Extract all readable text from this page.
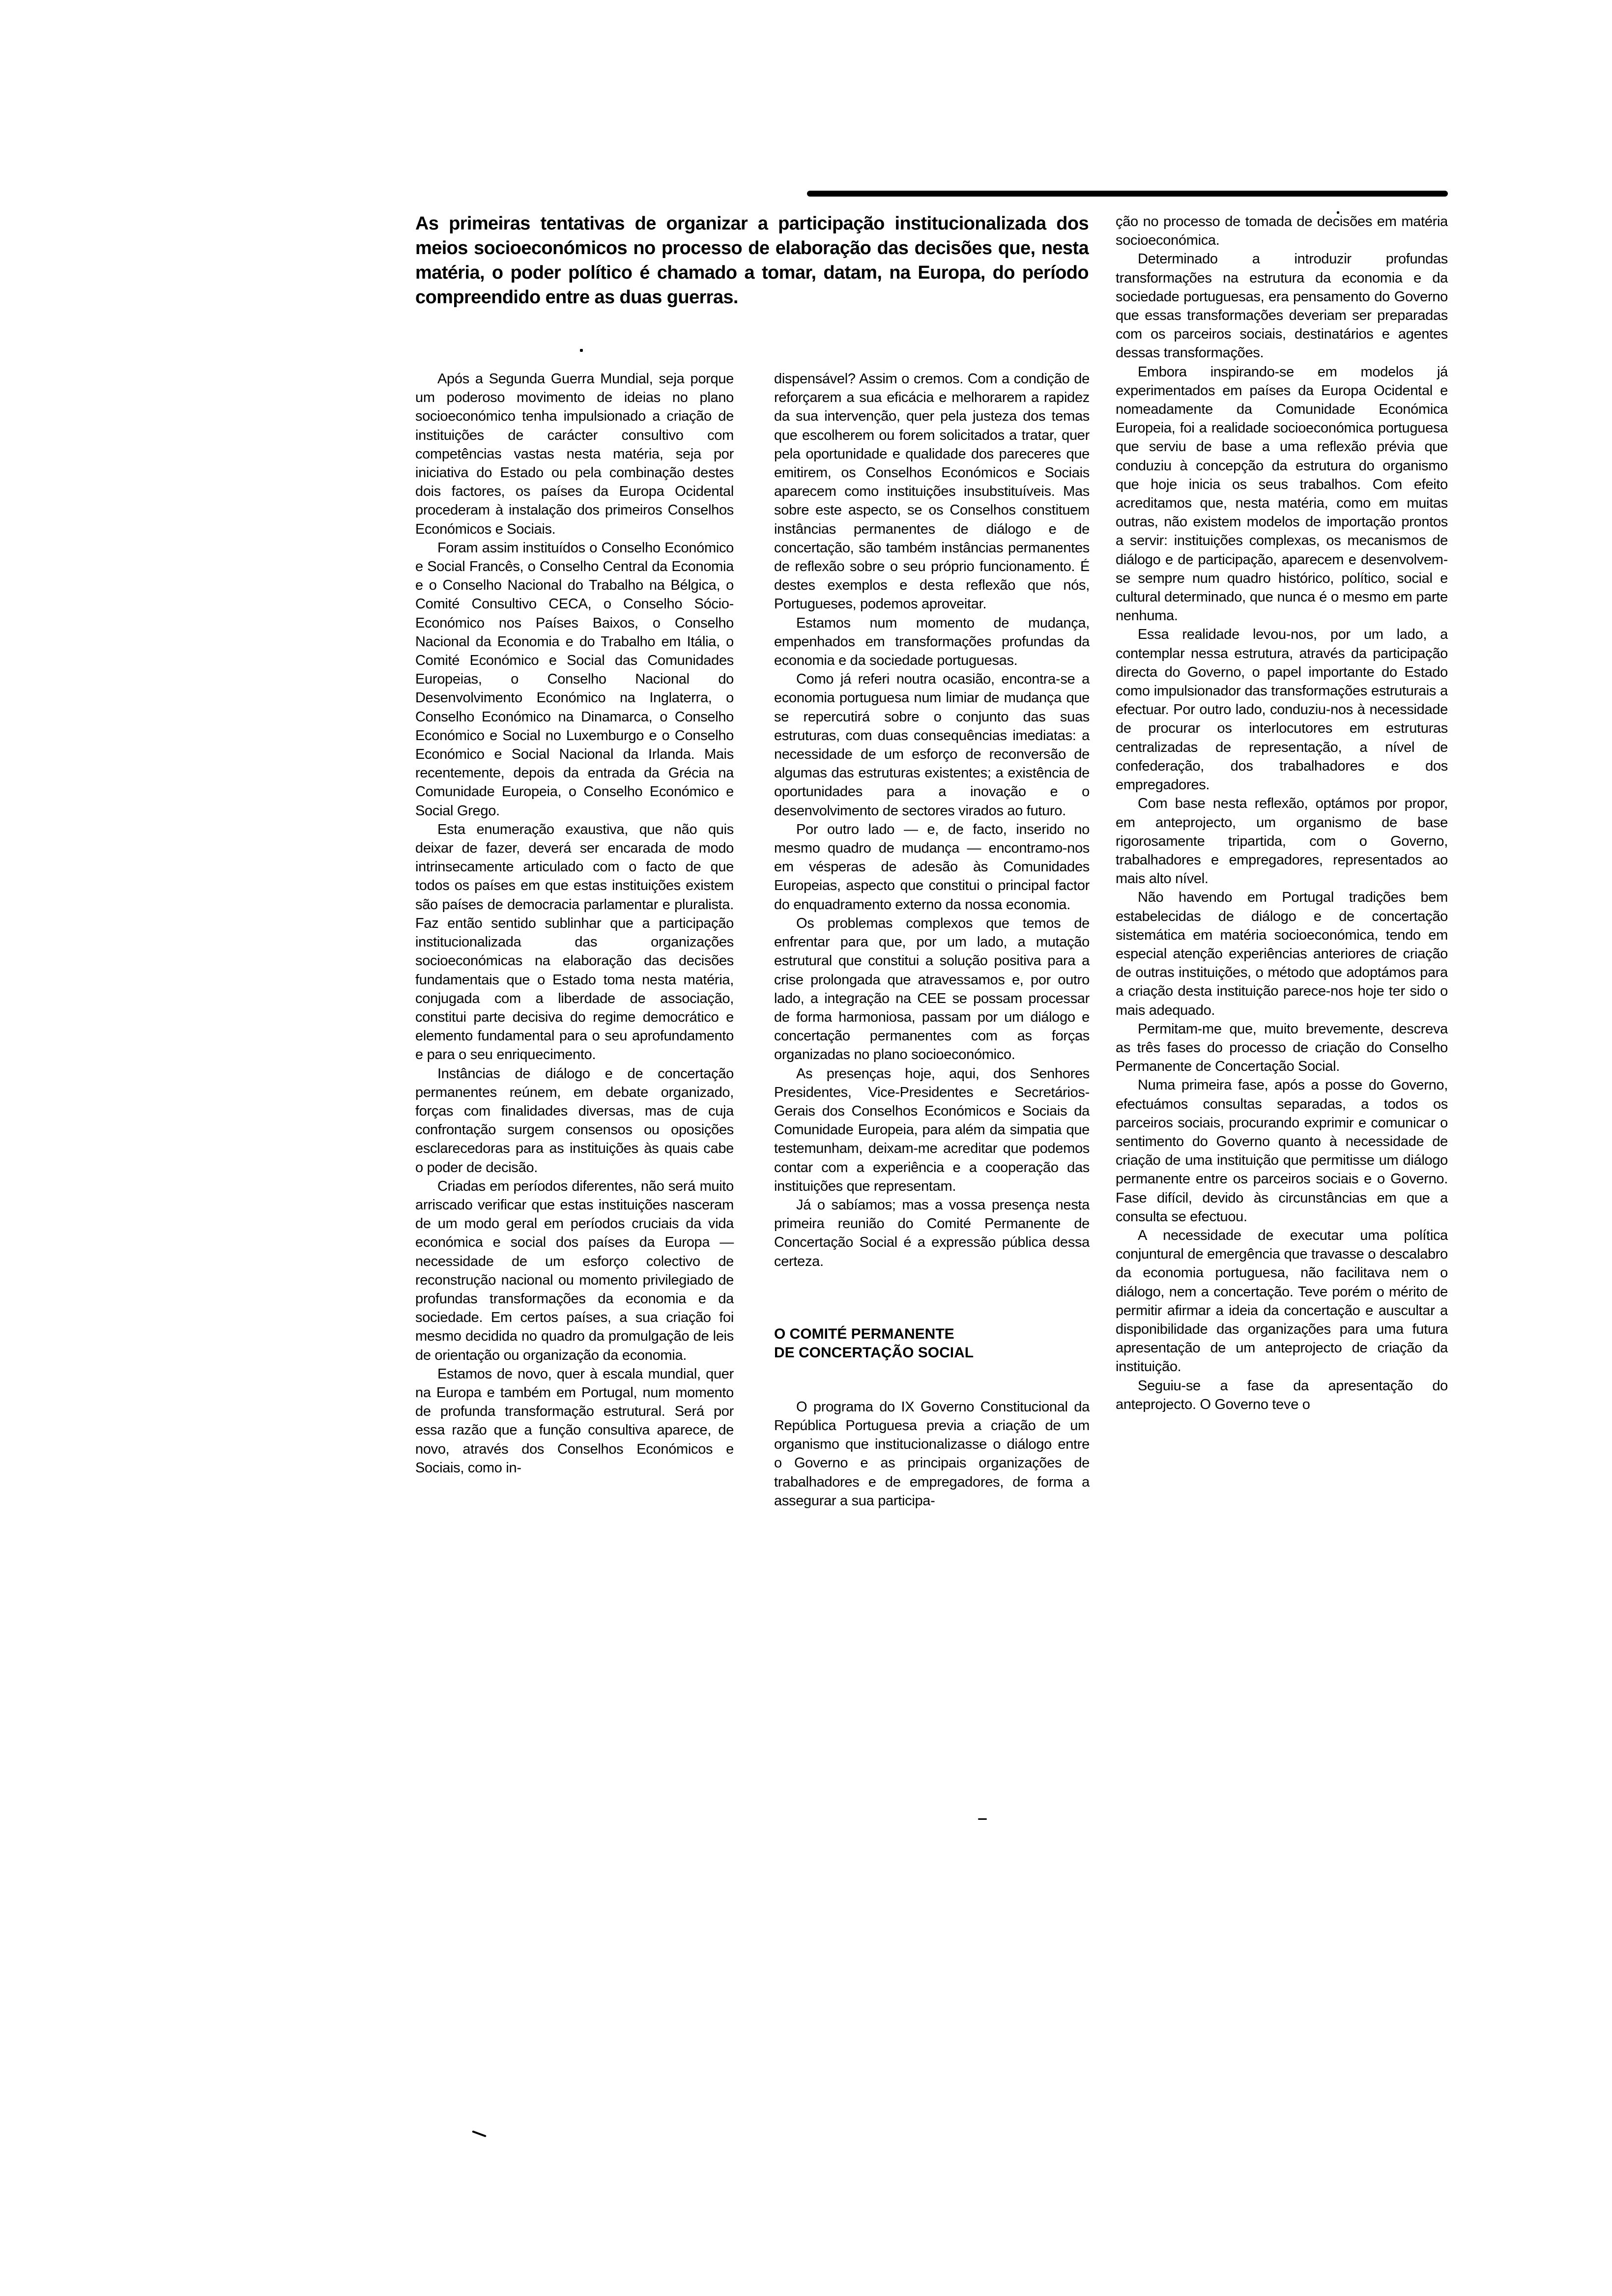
As primeiras tentativas de organizar a participação institucionalizada dos meios socioeconómicos no processo de elaboração das decisões que, nesta matéria, o poder político é chamado a tomar, datam, na Europa, do período compreendido entre as duas guerras.

Após a Segunda Guerra Mundial, seja porque um poderoso movimento de ideias no plano socioeconómico tenha impulsionado a criação de instituições de carácter consultivo com competências vastas nesta matéria, seja por iniciativa do Estado ou pela combinação destes dois factores, os países da Europa Ocidental procederam à instalação dos primeiros Conselhos Económicos e Sociais.

Foram assim instituídos o Conselho Económico e Social Francês, o Conselho Central da Economia e o Conselho Nacional do Trabalho na Bélgica, o Comité Consultivo CECA, o Conselho Sócio-Económico nos Países Baixos, o Conselho Nacional da Economia e do Trabalho em Itália, o Comité Económico e Social das Comunidades Europeias, o Conselho Nacional do Desenvolvimento Económico na Inglaterra, o Conselho Económico na Dinamarca, o Conselho Económico e Social no Luxemburgo e o Conselho Económico e Social Nacional da Irlanda. Mais recentemente, depois da entrada da Grécia na Comunidade Europeia, o Conselho Económico e Social Grego.

Esta enumeração exaustiva, que não quis deixar de fazer, deverá ser encarada de modo intrinsecamente articulado com o facto de que todos os países em que estas instituições existem são países de democracia parlamentar e pluralista. Faz então sentido sublinhar que a participação institucionalizada das organizações socioeconómicas na elaboração das decisões fundamentais que o Estado toma nesta matéria, conjugada com a liberdade de associação, constitui parte decisiva do regime democrático e elemento fundamental para o seu aprofundamento e para o seu enriquecimento.

Instâncias de diálogo e de concertação permanentes reúnem, em debate organizado, forças com finalidades diversas, mas de cuja confrontação surgem consensos ou oposições esclarecedoras para as instituições às quais cabe o poder de decisão.

Criadas em períodos diferentes, não será muito arriscado verificar que estas instituições nasceram de um modo geral em períodos cruciais da vida económica e social dos países da Europa — necessidade de um esforço colectivo de reconstrução nacional ou momento privilegiado de profundas transformações da economia e da sociedade. Em certos países, a sua criação foi mesmo decidida no quadro da promulgação de leis de orientação ou organização da economia.

Estamos de novo, quer à escala mundial, quer na Europa e também em Portugal, num momento de profunda transformação estrutural. Será por essa razão que a função consultiva aparece, de novo, através dos Conselhos Económicos e Sociais, como in-

dispensável? Assim o cremos. Com a condição de reforçarem a sua eficácia e melhorarem a rapidez da sua intervenção, quer pela justeza dos temas que escolherem ou forem solicitados a tratar, quer pela oportunidade e qualidade dos pareceres que emitirem, os Conselhos Económicos e Sociais aparecem como instituições insubstituíveis. Mas sobre este aspecto, se os Conselhos constituem instâncias permanentes de diálogo e de concertação, são também instâncias permanentes de reflexão sobre o seu próprio funcionamento. É destes exemplos e desta reflexão que nós, Portugueses, podemos aproveitar.

Estamos num momento de mudança, empenhados em transformações profundas da economia e da sociedade portuguesas.

Como já referi noutra ocasião, encontra-se a economia portuguesa num limiar de mudança que se repercutirá sobre o conjunto das suas estruturas, com duas consequências imediatas: a necessidade de um esforço de reconversão de algumas das estruturas existentes; a existência de oportunidades para a inovação e o desenvolvimento de sectores virados ao futuro.

Por outro lado — e, de facto, inserido no mesmo quadro de mudança — encontramo-nos em vésperas de adesão às Comunidades Europeias, aspecto que constitui o principal factor do enquadramento externo da nossa economia.

Os problemas complexos que temos de enfrentar para que, por um lado, a mutação estrutural que constitui a solução positiva para a crise prolongada que atravessamos e, por outro lado, a integração na CEE se possam processar de forma harmoniosa, passam por um diálogo e concertação permanentes com as forças organizadas no plano socioeconómico.

As presenças hoje, aqui, dos Senhores Presidentes, Vice-Presidentes e Secretários-Gerais dos Conselhos Económicos e Sociais da Comunidade Europeia, para além da simpatia que testemunham, deixam-me acreditar que podemos contar com a experiência e a cooperação das instituições que representam.

Já o sabíamos; mas a vossa presença nesta primeira reunião do Comité Permanente de Concertação Social é a expressão pública dessa certeza.

O COMITÉ PERMANENTE
DE CONCERTAÇÃO SOCIAL

O programa do IX Governo Constitucional da República Portuguesa previa a criação de um organismo que institucionalizasse o diálogo entre o Governo e as principais organizações de trabalhadores e de empregadores, de forma a assegurar a sua participa-

ção no processo de tomada de decisões em matéria socioeconómica.

Determinado a introduzir profundas transformações na estrutura da economia e da sociedade portuguesas, era pensamento do Governo que essas transformações deveriam ser preparadas com os parceiros sociais, destinatários e agentes dessas transformações.

Embora inspirando-se em modelos já experimentados em países da Europa Ocidental e nomeadamente da Comunidade Económica Europeia, foi a realidade socioeconómica portuguesa que serviu de base a uma reflexão prévia que conduziu à concepção da estrutura do organismo que hoje inicia os seus trabalhos. Com efeito acreditamos que, nesta matéria, como em muitas outras, não existem modelos de importação prontos a servir: instituições complexas, os mecanismos de diálogo e de participação, aparecem e desenvolvem-se sempre num quadro histórico, político, social e cultural determinado, que nunca é o mesmo em parte nenhuma.

Essa realidade levou-nos, por um lado, a contemplar nessa estrutura, através da participação directa do Governo, o papel importante do Estado como impulsionador das transformações estruturais a efectuar. Por outro lado, conduziu-nos à necessidade de procurar os interlocutores em estruturas centralizadas de representação, a nível de confederação, dos trabalhadores e dos empregadores.

Com base nesta reflexão, optámos por propor, em anteprojecto, um organismo de base rigorosamente tripartida, com o Governo, trabalhadores e empregadores, representados ao mais alto nível.

Não havendo em Portugal tradições bem estabelecidas de diálogo e de concertação sistemática em matéria socioeconómica, tendo em especial atenção experiências anteriores de criação de outras instituições, o método que adoptámos para a criação desta instituição parece-nos hoje ter sido o mais adequado.

Permitam-me que, muito brevemente, descreva as três fases do processo de criação do Conselho Permanente de Concertação Social.

Numa primeira fase, após a posse do Governo, efectuámos consultas separadas, a todos os parceiros sociais, procurando exprimir e comunicar o sentimento do Governo quanto à necessidade de criação de uma instituição que permitisse um diálogo permanente entre os parceiros sociais e o Governo. Fase difícil, devido às circunstâncias em que a consulta se efectuou.

A necessidade de executar uma política conjuntural de emergência que travasse o descalabro da economia portuguesa, não facilitava nem o diálogo, nem a concertação. Teve porém o mérito de permitir afirmar a ideia da concertação e auscultar a disponibilidade das organizações para uma futura apresentação de um anteprojecto de criação da instituição.

Seguiu-se a fase da apresentação do anteprojecto. O Governo teve o
